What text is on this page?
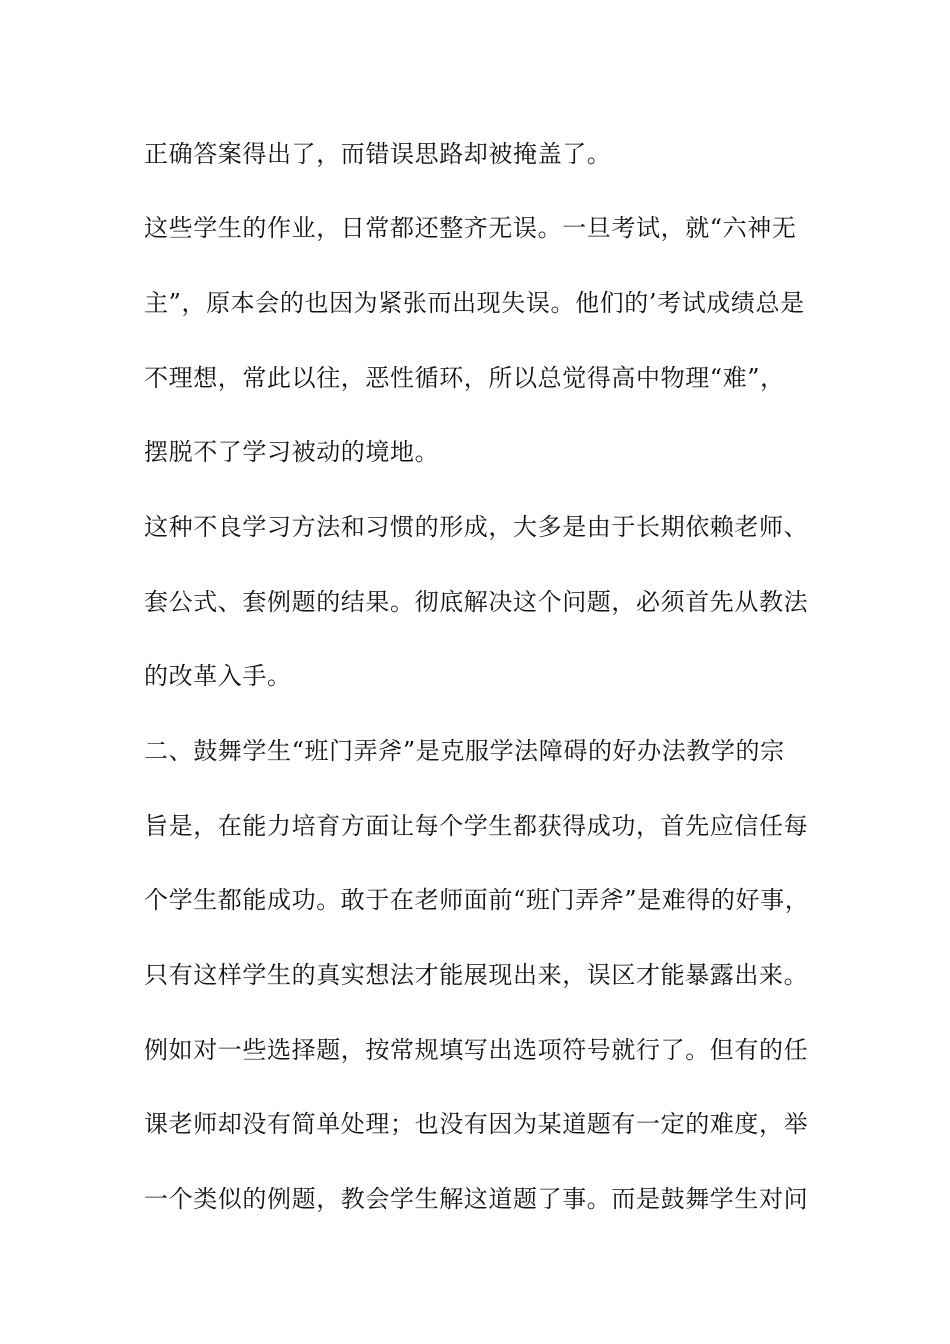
正确答案得出了，而错误思路却被掩盖了。
这些学生的作业，日常都还整齐无误。一旦考试，就“六神无
主”，原本会的也因为紧张而出现失误。他们的’考试成绩总是
不理想，常此以往，恶性循环，所以总觉得高中物理“难”，
摆脱不了学习被动的境地。
这种不良学习方法和习惯的形成，大多是由于长期依赖老师、
套公式、套例题的结果。彻底解决这个问题，必须首先从教法
的改革入手。
二、鼓舞学生“班门弄斧”是克服学法障碍的好办法教学的宗
旨是，在能力培育方面让每个学生都获得成功，首先应信任每
个学生都能成功。敢于在老师面前“班门弄斧”是难得的好事，
只有这样学生的真实想法才能展现出来，误区才能暴露出来。
例如对一些选择题，按常规填写出选项符号就行了。但有的任
课老师却没有简单处理；也没有因为某道题有一定的难度，举
一个类似的例题，教会学生解这道题了事。而是鼓舞学生对问
